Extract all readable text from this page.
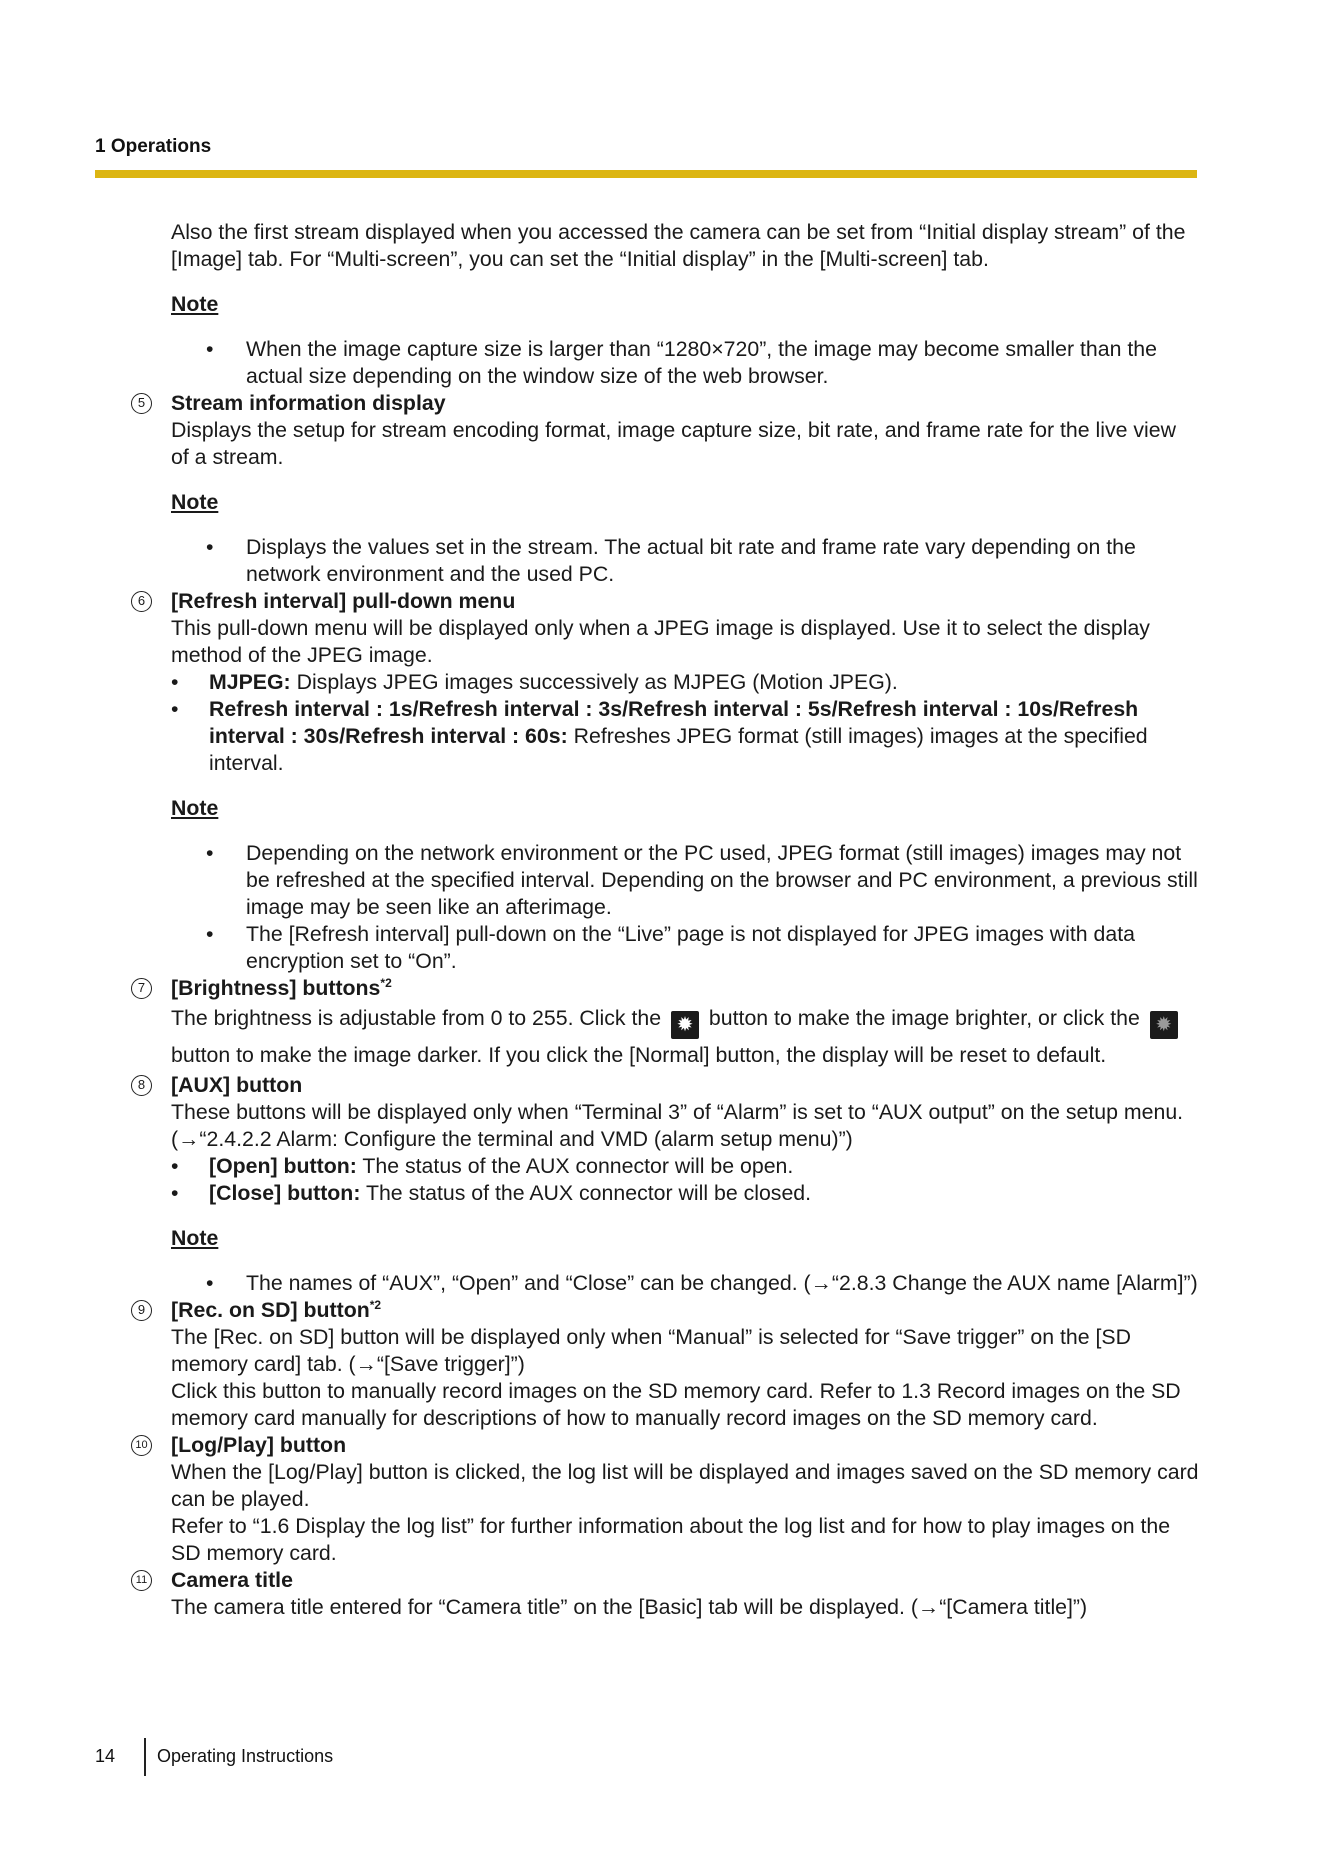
1 Operations

Also the first stream displayed when you accessed the camera can be set from “Initial display stream” of the [Image] tab. For “Multi-screen”, you can set the “Initial display” in the [Multi-screen] tab.

Note
• When the image capture size is larger than “1280×720”, the image may become smaller than the actual size depending on the window size of the web browser.
5	Stream information display

Displays the setup for stream encoding format, image capture size, bit rate, and frame rate for the live view of a stream.

Note
• Displays the values set in the stream. The actual bit rate and frame rate vary depending on the network environment and the used PC.
6	[Refresh interval] pull-down menu

This pull-down menu will be displayed only when a JPEG image is displayed. Use it to select the display method of the JPEG image.

• MJPEG: Displays JPEG images successively as MJPEG (Motion JPEG).
• Refresh interval : 1s/Refresh interval : 3s/Refresh interval : 5s/Refresh interval : 10s/Refresh interval : 30s/Refresh interval : 60s: Refreshes JPEG format (still images) images at the specified interval.
Note
• Depending on the network environment or the PC used, JPEG format (still images) images may not be refreshed at the specified interval. Depending on the browser and PC environment, a previous still image may be seen like an afterimage.
• The [Refresh interval] pull-down on the “Live” page is not displayed for JPEG images with data encryption set to “On”.
7	[Brightness] buttons$^{*2}$

The brightness is adjustable from 0 to 255. Click the ✹ button to make the image brighter, or click the ✹ button to make the image darker. If you click the [Normal] button, the display will be reset to default.

8	[AUX] button

These buttons will be displayed only when “Terminal 3” of “Alarm” is set to “AUX output” on the setup menu.

(→“2.4.2.2 Alarm: Configure the terminal and VMD (alarm setup menu)”)

• [Open] button: The status of the AUX connector will be open.
• [Close] button: The status of the AUX connector will be closed.
Note
• The names of “AUX”, “Open” and “Close” can be changed. (→“2.8.3 Change the AUX name [Alarm]”)
9	[Rec. on SD] button$^{*2}$

The [Rec. on SD] button will be displayed only when “Manual” is selected for “Save trigger” on the [SD memory card] tab. (→“[Save trigger]”)

Click this button to manually record images on the SD memory card. Refer to 1.3 Record images on the SD memory card manually for descriptions of how to manually record images on the SD memory card.

10 [Log/Play] button

When the [Log/Play] button is clicked, the log list will be displayed and images saved on the SD memory card can be played.

Refer to “1.6 Display the log list” for further information about the log list and for how to play images on the SD memory card.

11 Camera title

The camera title entered for “Camera title” on the [Basic] tab will be displayed. (→“[Camera title]”)

14 Operating Instructions
